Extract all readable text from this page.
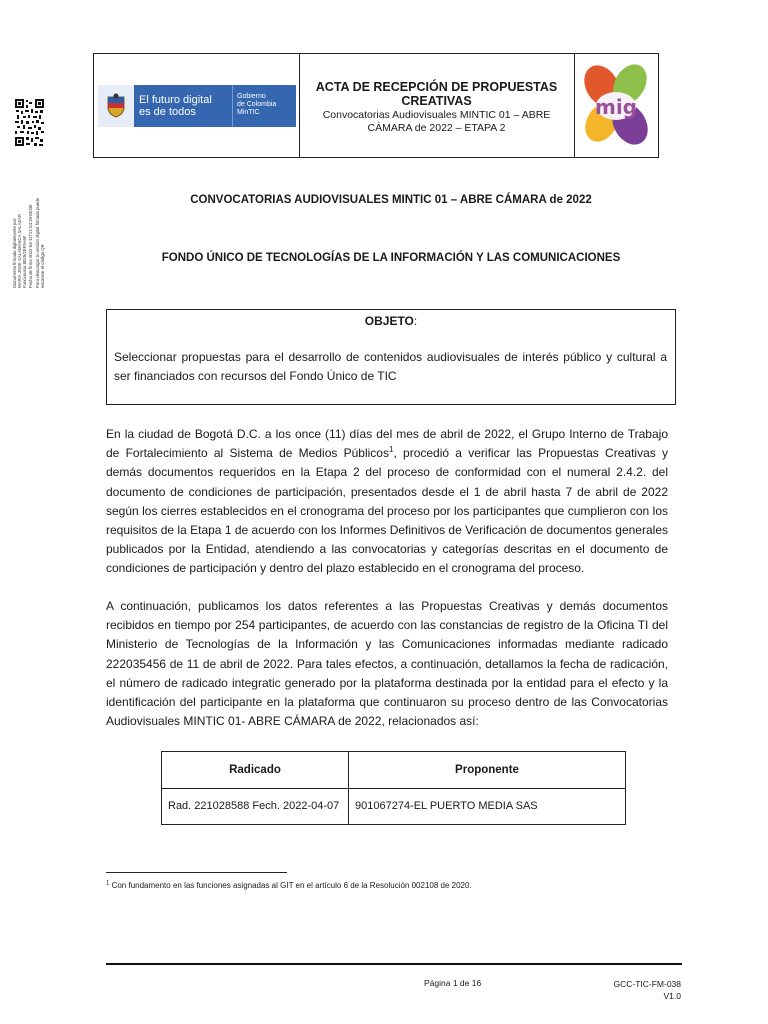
Documento firmado digitalmente por: MARIA JOSE SALAMANCA SALAZAR Funcionario 8025/2EF9A6F Fecha de firma 2022-04-11T21:54:18-05:00 Para descargar la versión digital firmada puede escanear el código QR
El futuro digital
es de todos
Gobierno
de Colombia
MinTIC
ACTA DE RECEPCIÓN DE PROPUESTAS CREATIVAS
Convocatorias Audiovisuales MINTIC 01 – ABRE CÁMARA de 2022 – ETAPA 2
mig
CONVOCATORIAS AUDIOVISUALES MINTIC 01 – ABRE CÁMARA de 2022
FONDO ÚNICO DE TECNOLOGÍAS DE LA INFORMACIÓN Y LAS COMUNICACIONES
OBJETO:
Seleccionar propuestas para el desarrollo de contenidos audiovisuales de interés público y cultural a ser financiados con recursos del Fondo Único de TIC
En la ciudad de Bogotá D.C. a los once (11) días del mes de abril de 2022, el Grupo Interno de Trabajo de Fortalecimiento al Sistema de Medios Públicos$^1$, procedió a verificar las Propuestas Creativas y demás documentos requeridos en la Etapa 2 del proceso de conformidad con el numeral 2.4.2. del documento de condiciones de participación, presentados desde el 1 de abril hasta 7 de abril de 2022 según los cierres establecidos en el cronograma del proceso por los participantes que cumplieron con los requisitos de la Etapa 1 de acuerdo con los Informes Definitivos de Verificación de documentos generales publicados por la Entidad, atendiendo a las convocatorias y categorías descritas en el documento de condiciones de participación y dentro del plazo establecido en el cronograma del proceso.
A continuación, publicamos los datos referentes a las Propuestas Creativas y demás documentos recibidos en tiempo por 254 participantes, de acuerdo con las constancias de registro de la Oficina TI del Ministerio de Tecnologías de la Información y las Comunicaciones informadas mediante radicado 222035456 de 11 de abril de 2022. Para tales efectos, a continuación, detallamos la fecha de radicación, el número de radicado integratic generado por la plataforma destinada por la entidad para el efecto y la identificación del participante en la plataforma que continuaron su proceso dentro de las Convocatorias Audiovisuales MINTIC 01- ABRE CÁMARA de 2022, relacionados así:
Radicado	Proponente
Rad. 221028588 Fech. 2022-04-07	901067274-EL PUERTO MEDIA SAS
$^1$ Con fundamento en las funciones asignadas al GIT en el artículo 6 de la Resolución 002108 de 2020.
Página 1 de 16	GCC-TIC-FM-038
V1.0
